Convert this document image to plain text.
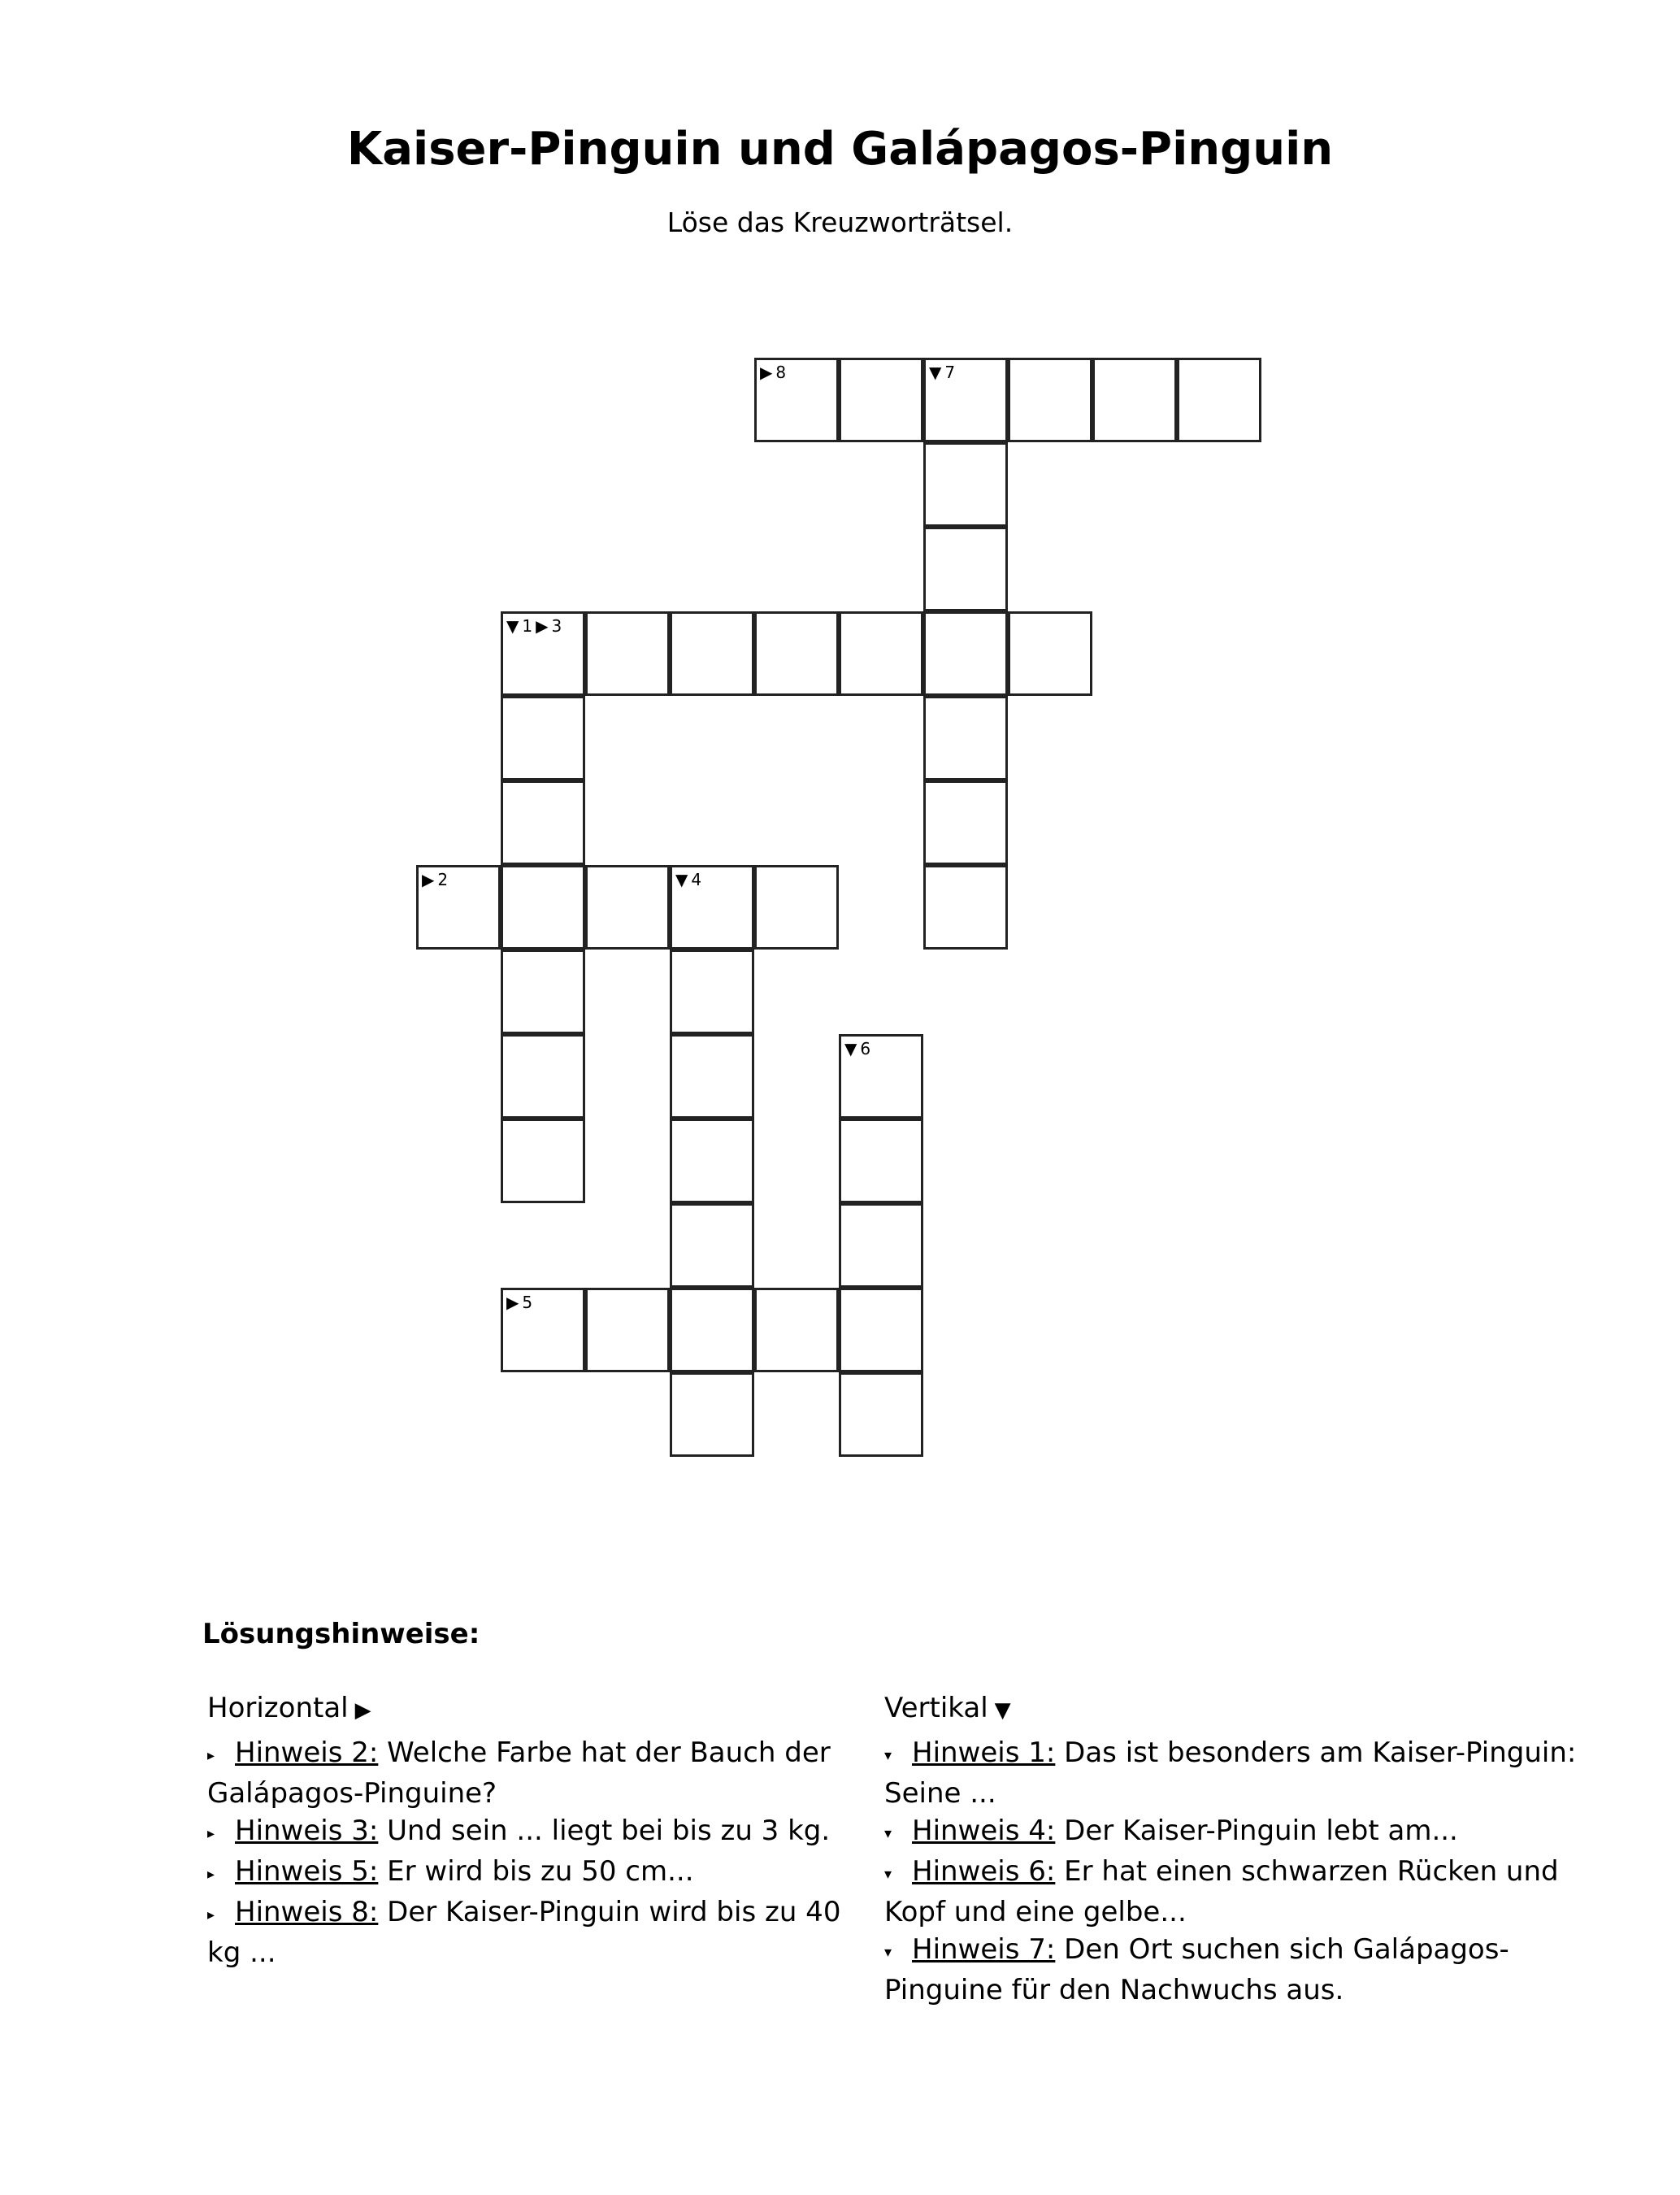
Kaiser-Pinguin und Galápagos-Pinguin
Löse das Kreuzworträtsel.
▶ 8	▼ 7
▼ 1 ▶ 3
▶ 2	▼ 4
▼ 6
▶ 5
Lösungshinweise:
Horizontal ▶
▸ Hinweis 2: Welche Farbe hat der Bauch der Galápagos-Pinguine?
▸ Hinweis 3: Und sein ... liegt bei bis zu 3 kg.
▸ Hinweis 5: Er wird bis zu 50 cm...
▸ Hinweis 8: Der Kaiser-Pinguin wird bis zu 40 kg ...
Vertikal ▼
▾ Hinweis 1: Das ist besonders am Kaiser-Pinguin: Seine ...
▾ Hinweis 4: Der Kaiser-Pinguin lebt am...
▾ Hinweis 6: Er hat einen schwarzen Rücken und Kopf und eine gelbe...
▾ Hinweis 7: Den Ort suchen sich Galápagos-Pinguine für den Nachwuchs aus.
